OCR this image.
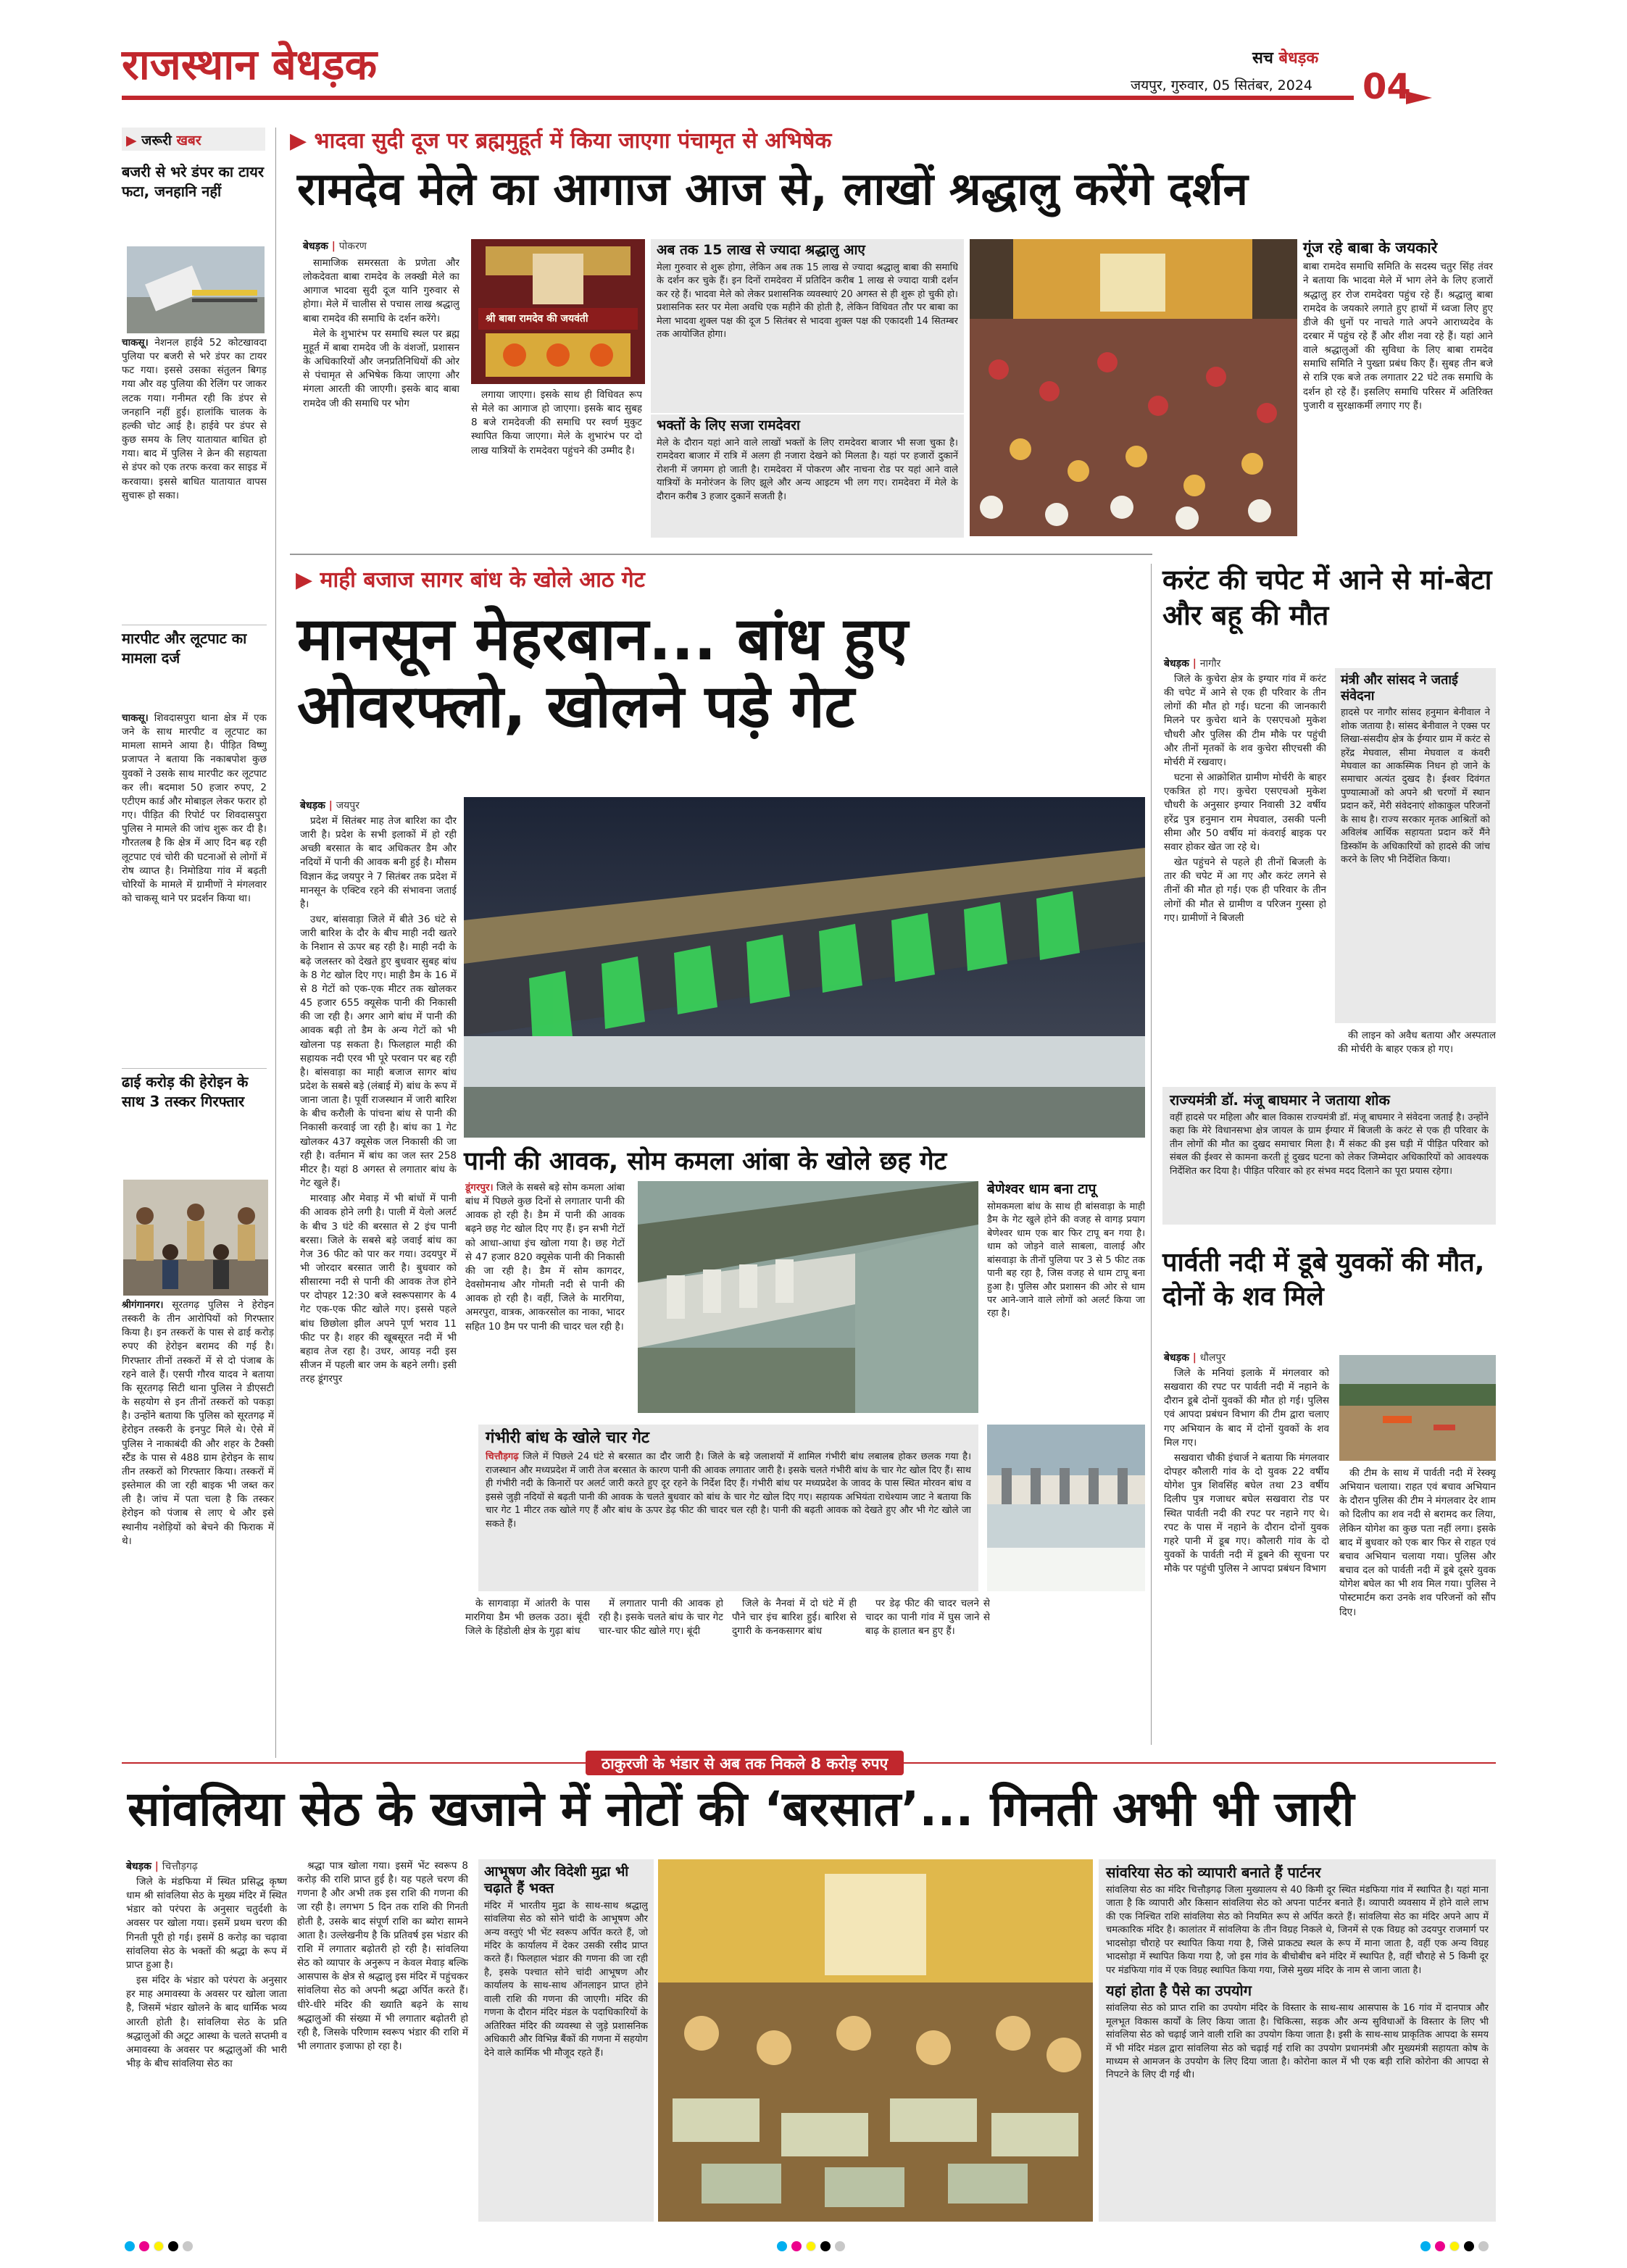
राजस्थान बेधड़क	सच बेधड़क
जयपुर, गुरुवार, 05 सितंबर, 2024 04
▶ जरूरी खबर
बजरी से भरे डंपर का टायर फटा, जनहानि नहीं
चाकसू। नेशनल हाईवे 52 कोटखावदा पुलिया पर बजरी से भरे डंपर का टायर फट गया। इससे उसका संतुलन बिगड़ गया और वह पुलिया की रेलिंग पर जाकर लटक गया। गनीमत रही कि डंपर से जनहानि नहीं हुई। हालांकि चालक के हल्की चोट आई है। हाईवे पर डंपर से कुछ समय के लिए यातायात बाधित हो गया। बाद में पुलिस ने क्रेन की सहायता से डंपर को एक तरफ करवा कर साइड में करवाया। इससे बाधित यातायात वापस सुचारू हो सका।
मारपीट और लूटपाट का मामला दर्ज
चाकसू। शिवदासपुरा थाना क्षेत्र में एक जने के साथ मारपीट व लूटपाट का मामला सामने आया है। पीड़ित विष्णु प्रजापत ने बताया कि नकाबपोश कुछ युवकों ने उसके साथ मारपीट कर लूटपाट कर ली। बदमाश 50 हजार रुपए, 2 एटीएम कार्ड और मोबाइल लेकर फरार हो गए। पीड़ित की रिपोर्ट पर शिवदासपुरा पुलिस ने मामले की जांच शुरू कर दी है। गौरतलब है कि क्षेत्र में आए दिन बढ़ रही लूटपाट एवं चोरी की घटनाओं से लोगों में रोष व्याप्त है। निमोडिया गांव में बढ़ती चोरियों के मामले में ग्रामीणों ने मंगलवार को चाकसू थाने पर प्रदर्शन किया था।
ढाई करोड़ की हेरोइन के साथ 3 तस्कर गिरफ्तार
श्रीगंगानगर। सूरतगढ़ पुलिस ने हेरोइन तस्करी के तीन आरोपियों को गिरफ्तार किया है। इन तस्करों के पास से ढाई करोड़ रुपए की हेरोइन बरामद की गई है। गिरफ्तार तीनों तस्करों में से दो पंजाब के रहने वाले हैं। एसपी गौरव यादव ने बताया कि सूरतगढ़ सिटी थाना पुलिस ने डीएसटी के सहयोग से इन तीनों तस्करों को पकड़ा है। उन्होंने बताया कि पुलिस को सूरतगढ़ में हेरोइन तस्करी के इनपुट मिले थे। ऐसे में पुलिस ने नाकाबंदी की और शहर के टैक्सी स्टैंड के पास से 488 ग्राम हेरोइन के साथ तीन तस्करों को गिरफ्तार किया। तस्करों में इस्तेमाल की जा रही बाइक भी जब्त कर ली है। जांच में पता चला है कि तस्कर हेरोइन को पंजाब से लाए थे और इसे स्थानीय नशेड़ियों को बेचने की फिराक में थे।
▶ भादवा सुदी दूज पर ब्रह्ममुहूर्त में किया जाएगा पंचामृत से अभिषेक
रामदेव मेले का आगाज आज से, लाखों श्रद्धालु करेंगे दर्शन
बेधड़क | पोकरण

सामाजिक समरसता के प्रणेता और लोकदेवता बाबा रामदेव के लक्खी मेले का आगाज भादवा सुदी दूज यानि गुरुवार से होगा। मेले में चालीस से पचास लाख श्रद्धालु बाबा रामदेव की समाधि के दर्शन करेंगे।

मेले के शुभारंभ पर समाधि स्थल पर ब्रह्म मुहूर्त में बाबा रामदेव जी के वंशजों, प्रशासन के अधिकारियों और जनप्रतिनिधियों की ओर से पंचामृत से अभिषेक किया जाएगा और मंगला आरती की जाएगी। इसके बाद बाबा रामदेव जी की समाधि पर भोग

श्री बाबा रामदेव की जयवंती

लगाया जाएगा। इसके साथ ही विधिवत रूप से मेले का आगाज हो जाएगा। इसके बाद सुबह 8 बजे रामदेवजी की समाधि पर स्वर्ण मुकुट स्थापित किया जाएगा। मेले के शुभारंभ पर दो लाख यात्रियों के रामदेवरा पहुंचने की उम्मीद है।

अब तक 15 लाख से ज्यादा श्रद्धालु आए
मेला गुरुवार से शुरू होगा, लेकिन अब तक 15 लाख से ज्यादा श्रद्धालु बाबा की समाधि के दर्शन कर चुके हैं। इन दिनों रामदेवरा में प्रतिदिन करीब 1 लाख से ज्यादा यात्री दर्शन कर रहे हैं। भादवा मेले को लेकर प्रशासनिक व्यवस्थाएं 20 अगस्त से ही शुरू हो चुकी हो। प्रशासनिक स्तर पर मेला अवधि एक महीने की होती है, लेकिन विधिवत तौर पर बाबा का मेला भादवा शुक्ल पक्ष की दूज 5 सितंबर से भादवा शुक्ल पक्ष की एकादशी 14 सितम्बर तक आयोजित होगा।
भक्तों के लिए सजा रामदेवरा
मेले के दौरान यहां आने वाले लाखों भक्तों के लिए रामदेवरा बाजार भी सजा चुका है। रामदेवरा बाजार में रात्रि में अलग ही नजारा देखने को मिलता है। यहां पर हजारों दुकानें रोशनी में जगमग हो जाती है। रामदेवरा में पोकरण और नाचना रोड पर यहां आने वाले यात्रियों के मनोरंजन के लिए झूले और अन्य आइटम भी लग गए। रामदेवरा में मेले के दौरान करीब 3 हजार दुकानें सजती है।
गूंज रहे बाबा के जयकारे
बाबा रामदेव समाधि समिति के सदस्य चतुर सिंह तंवर ने बताया कि भादवा मेले में भाग लेने के लिए हजारों श्रद्धालु हर रोज रामदेवरा पहुंच रहे हैं। श्रद्धालु बाबा रामदेव के जयकारे लगाते हुए हाथों में ध्वजा लिए हुए डीजे की धुनों पर नाचते गाते अपने आराध्यदेव के दरबार में पहुंच रहे हैं और शीश नवा रहे हैं। यहां आने वाले श्रद्धालुओं की सुविधा के लिए बाबा रामदेव समाधि समिति ने पुख्ता प्रबंध किए हैं। सुबह तीन बजे से रात्रि एक बजे तक लगातार 22 घंटे तक समाधि के दर्शन हो रहे हैं। इसलिए समाधि परिसर में अतिरिक्त पुजारी व सुरक्षाकर्मी लगाए गए हैं।
▶ माही बजाज सागर बांध के खोले आठ गेट
मानसून मेहरबान... बांध हुए
ओवरफ्लो, खोलने पड़े गेट
बेधड़क | जयपुर

प्रदेश में सितंबर माह तेज बारिश का दौर जारी है। प्रदेश के सभी इलाकों में हो रही अच्छी बरसात के बाद अधिकतर डैम और नदियों में पानी की आवक बनी हुई है। मौसम विज्ञान केंद्र जयपुर ने 7 सितंबर तक प्रदेश में मानसून के एक्टिव रहने की संभावना जताई है।

उधर, बांसवाड़ा जिले में बीते 36 घंटे से जारी बारिश के दौर के बीच माही नदी खतरे के निशान से ऊपर बह रही है। माही नदी के बढ़े जलस्तर को देखते हुए बुधवार सुबह बांध के 8 गेट खोल दिए गए। माही डैम के 16 में से 8 गेटों को एक-एक मीटर तक खोलकर 45 हजार 655 क्यूसेक पानी की निकासी की जा रही है। अगर आगे बांध में पानी की आवक बढ़ी तो डैम के अन्य गेटों को भी खोलना पड़ सकता है। फिलहाल माही की सहायक नदी एरव भी पूरे परवान पर बह रही है। बांसवाड़ा का माही बजाज सागर बांध प्रदेश के सबसे बड़े (लंबाई में) बांध के रूप में जाना जाता है। पूर्वी राजस्थान में जारी बारिश के बीच करौली के पांचना बांध से पानी की निकासी करवाई जा रही है। बांध का 1 गेट खोलकर 437 क्यूसेक जल निकासी की जा रही है। वर्तमान में बांध का जल स्तर 258 मीटर है। यहां 8 अगस्त से लगातार बांध के गेट खुले हैं।

मारवाड़ और मेवाड़ में भी बांधों में पानी की आवक होने लगी है। पाली में येलो अलर्ट के बीच 3 घंटे की बरसात से 2 इंच पानी बरसा। जिले के सबसे बड़े जवाई बांध का गेज 36 फीट को पार कर गया। उदयपुर में भी जोरदार बरसात जारी है। बुधवार को सीसारमा नदी से पानी की आवक तेज होने पर दोपहर 12:30 बजे स्वरूपसागर के 4 गेट एक-एक फीट खोले गए। इससे पहले बांध छिछोला झील अपने पूर्ण भराव 11 फीट पर है। शहर की खूबसूरत नदी में भी बहाव तेज रहा है। उधर, आयड़ नदी इस सीजन में पहली बार जम के बहने लगी। इसी तरह डूंगरपुर

पानी की आवक, सोम कमला आंबा के खोले छह गेट
डूंगरपुर। जिले के सबसे बड़े सोम कमला आंबा बांध में पिछले कुछ दिनों से लगातार पानी की आवक हो रही है। डैम में पानी की आवक बढ़ने छह गेट खोल दिए गए हैं। इन सभी गेटों को आधा-आधा इंच खोला गया है। छह गेटों से 47 हजार 820 क्यूसेक पानी की निकासी की जा रही है। डैम में सोम कागदर, देवसोमनाथ और गोमती नदी से पानी की आवक हो रही है। वहीं, जिले के मारगिया, अमरपुरा, वात्रक, आकरसोल का नाका, भादर सहित 10 डैम पर पानी की चादर चल रही है।
बेणेश्वर धाम बना टापू
सोमकमला बांध के साथ ही बांसवाड़ा के माही डैम के गेट खुले होने की वजह से वागड़ प्रयाग बेणेश्वर धाम एक बार फिर टापू बन गया है। धाम को जोड़ने वाले साबला, वालाई और बांसवाड़ा के तीनों पुलिया पर 3 से 5 फीट तक पानी बह रहा है, जिस वजह से धाम टापू बना हुआ है। पुलिस और प्रशासन की ओर से धाम पर आने-जाने वाले लोगों को अलर्ट किया जा रहा है।
गंभीरी बांध के खोले चार गेट
चित्तौड़गढ़ जिले में पिछले 24 घंटे से बरसात का दौर जारी है। जिले के बड़े जलाशयों में शामिल गंभीरी बांध लबालब होकर छलक गया है। राजस्थान और मध्यप्रदेश में जारी तेज बरसात के कारण पानी की आवक लगातार जारी है। इसके चलते गंभीरी बांध के चार गेट खोल दिए हैं। साथ ही गंभीरी नदी के किनारों पर अलर्ट जारी करते हुए दूर रहने के निर्देश दिए हैं। गंभीरी बांध पर मध्यप्रदेश के जावद के पास स्थित मोरवन बांध व इससे जुड़ी नदियों से बढ़ती पानी की आवक के चलते बुधवार को बांध के चार गेट खोल दिए गए। सहायक अभियंता राधेश्याम जाट ने बताया कि चार गेट 1 मीटर तक खोले गए हैं और बांध के ऊपर डेढ़ फीट की चादर चल रही है। पानी की बढ़ती आवक को देखते हुए और भी गेट खोले जा सकते हैं।

के सागवाड़ा में आंतरी के पास मारगिया डैम भी छलक उठा। बूंदी जिले के हिंडोली क्षेत्र के गुढ़ा बांध

में लगातार पानी की आवक हो रही है। इसके चलते बांध के चार गेट चार-चार फीट खोले गए। बूंदी

जिले के नैनवां में दो घंटे में ही पौने चार इंच बारिश हुई। बारिश से दुगारी के कनकसागर बांध

पर डेढ़ फीट की चादर चलने से चादर का पानी गांव में घुस जाने से बाढ़ के हालात बन हुए हैं।

करंट की चपेट में आने से मां-बेटा और बहू की मौत
बेधड़क | नागौर

जिले के कुचेरा क्षेत्र के इग्यार गांव में करंट की चपेट में आने से एक ही परिवार के तीन लोगों की मौत हो गई। घटना की जानकारी मिलने पर कुचेरा थाने के एसएचओ मुकेश चौधरी और पुलिस की टीम मौके पर पहुंची और तीनों मृतकों के शव कुचेरा सीएचसी की मोर्चरी में रखवाए।

घटना से आक्रोशित ग्रामीण मोर्चरी के बाहर एकत्रित हो गए। कुचेरा एसएचओ मुकेश चौधरी के अनुसार इग्यार निवासी 32 वर्षीय हरेंद्र पुत्र हनुमान राम मेघवाल, उसकी पत्नी सीमा और 50 वर्षीय मां कंवराई बाइक पर सवार होकर खेत जा रहे थे।

खेत पहुंचने से पहले ही तीनों बिजली के तार की चपेट में आ गए और करंट लगने से तीनों की मौत हो गई। एक ही परिवार के तीन लोगों की मौत से ग्रामीण व परिजन गुस्सा हो गए। ग्रामीणों ने बिजली

मंत्री और सांसद ने जताई संवेदना
हादसे पर नागौर सांसद हनुमान बेनीवाल ने शोक जताया है। सांसद बेनीवाल ने एक्स पर लिखा-संसदीय क्षेत्र के ईग्यार ग्राम में करंट से हरेंद्र मेघवाल, सीमा मेघवाल व कंवरी मेघवाल का आकस्मिक निधन हो जाने के समाचार अत्यंत दुखद है। ईश्वर दिवंगत पुण्यात्माओं को अपने श्री चरणों में स्थान प्रदान करें, मेरी संवेदनाएं शोकाकुल परिजनों के साथ है। राज्य सरकार मृतक आश्रितों को अविलंब आर्थिक सहायता प्रदान करें मैंने डिस्कॉम के अधिकारियों को हादसे की जांच करने के लिए भी निर्देशित किया।

की लाइन को अवैध बताया और अस्पताल की मोर्चरी के बाहर एकत्र हो गए।

राज्यमंत्री डॉ. मंजू बाघमार ने जताया शोक
वहीं हादसे पर महिला और बाल विकास राज्यमंत्री डॉ. मंजू बाघमार ने संवेदना जताई है। उन्होंने कहा कि मेरे विधानसभा क्षेत्र जायल के ग्राम ईग्यार में बिजली के करंट से एक ही परिवार के तीन लोगों की मौत का दुखद समाचार मिला है। मैं संकट की इस घड़ी में पीड़ित परिवार को संबल की ईश्वर से कामना करती हूं दुखद घटना को लेकर जिम्मेदार अधिकारियों को आवश्यक निर्देशित कर दिया है। पीड़ित परिवार को हर संभव मदद दिलाने का पूरा प्रयास रहेगा।
पार्वती नदी में डूबे युवकों की मौत, दोनों के शव मिले
बेधड़क | धौलपुर

जिले के मनियां इलाके में मंगलवार को सखवारा की रपट पर पार्वती नदी में नहाने के दौरान डूबे दोनों युवकों की मौत हो गई। पुलिस एवं आपदा प्रबंधन विभाग की टीम द्वारा चलाए गए अभियान के बाद में दोनों युवकों के शव मिल गए।

सखवारा चौकी इंचार्ज ने बताया कि मंगलवार दोपहर कौलारी गांव के दो युवक 22 वर्षीय योगेश पुत्र शिवसिंह बघेल तथा 23 वर्षीय दिलीप पुत्र गजाधर बघेल सखवारा रोड पर स्थित पार्वती नदी की रपट पर नहाने गए थे। रपट के पास में नहाने के दौरान दोनों युवक गहरे पानी में डूब गए। कौलारी गांव के दो युवकों के पार्वती नदी में डूबने की सूचना पर मौके पर पहुंची पुलिस ने आपदा प्रबंधन विभाग

की टीम के साथ में पार्वती नदी में रेस्क्यू अभियान चलाया। राहत एवं बचाव अभियान के दौरान पुलिस की टीम ने मंगलवार देर शाम को दिलीप का शव नदी से बरामद कर लिया, लेकिन योगेश का कुछ पता नहीं लगा। इसके बाद में बुधवार को एक बार फिर से राहत एवं बचाव अभियान चलाया गया। पुलिस और बचाव दल को पार्वती नदी में डूबे दूसरे युवक योगेश बघेल का भी शव मिल गया। पुलिस ने पोस्टमार्टम करा उनके शव परिजनों को सौंप दिए।

ठाकुरजी के भंडार से अब तक निकले 8 करोड़ रुपए
सांवलिया सेठ के खजाने में नोटों की ‘बरसात’... गिनती अभी भी जारी
बेधड़क | चित्तौड़गढ़

जिले के मंडफिया में स्थित प्रसिद्ध कृष्ण धाम श्री सांवलिया सेठ के मुख्य मंदिर में स्थित भंडार को परंपरा के अनुसार चतुर्दशी के अवसर पर खोला गया। इसमें प्रथम चरण की गिनती पूरी हो गई। इसमें 8 करोड़ का चढ़ावा सांवलिया सेठ के भक्तों की श्रद्धा के रूप में प्राप्त हुआ है।

इस मंदिर के भंडार को परंपरा के अनुसार हर माह अमावस्या के अवसर पर खोला जाता है, जिसमें भंडार खोलने के बाद धार्मिक भव्य आरती होती है। सांवलिया सेठ के प्रति श्रद्धालुओं की अटूट आस्था के चलते सप्तमी व अमावस्या के अवसर पर श्रद्धालुओं की भारी भीड़ के बीच सांवलिया सेठ का

श्रद्धा पात्र खोला गया। इसमें भेंट स्वरूप 8 करोड़ की राशि प्राप्त हुई है। यह पहले चरण की गणना है और अभी तक इस राशि की गणना की जा रही है। लगभग 5 दिन तक राशि की गिनती होती है, उसके बाद संपूर्ण राशि का ब्योरा सामने आता है। उल्लेखनीय है कि प्रतिवर्ष इस भंडार की राशि में लगातार बढ़ोतरी हो रही है। सांवलिया सेठ को व्यापार के अनुरूप न केवल मेवाड़ बल्कि आसपास के क्षेत्र से श्रद्धालु इस मंदिर में पहुंचकर सांवलिया सेठ को अपनी श्रद्धा अर्पित करते हैं। धीरे-धीरे मंदिर की ख्याति बढ़ने के साथ श्रद्धालुओं की संख्या में भी लगातार बढ़ोतरी हो रही है, जिसके परिणाम स्वरूप भंडार की राशि में भी लगातार इजाफा हो रहा है।

आभूषण और विदेशी मुद्रा भी चढ़ाते हैं भक्त
मंदिर में भारतीय मुद्रा के साथ-साथ श्रद्धालु सांवलिया सेठ को सोने चांदी के आभूषण और अन्य वस्तुएं भी भेंट स्वरूप अर्पित करते हैं, जो मंदिर के कार्यालय में देकर उसकी रसीद प्राप्त करते हैं। फिलहाल भंडार की गणना की जा रही है, इसके पश्चात सोने चांदी आभूषण और कार्यालय के साथ-साथ ऑनलाइन प्राप्त होने वाली राशि की गणना की जाएगी। मंदिर की गणना के दौरान मंदिर मंडल के पदाधिकारियों के अतिरिक्त मंदिर की व्यवस्था से जुड़े प्रशासनिक अधिकारी और विभिन्न बैंकों की गणना में सहयोग देने वाले कार्मिक भी मौजूद रहते हैं।
सांवरिया सेठ को व्यापारी बनाते हैं पार्टनर
सांवलिया सेठ का मंदिर चित्तौड़गढ़ जिला मुख्यालय से 40 किमी दूर स्थित मंडफिया गांव में स्थापित है। यहां माना जाता है कि व्यापारी और किसान सांवलिया सेठ को अपना पार्टनर बनाते हैं। व्यापारी व्यवसाय में होने वाले लाभ की एक निश्चित राशि सांवलिया सेठ को नियमित रूप से अर्पित करते हैं। सांवलिया सेठ का मंदिर अपने आप में चमत्कारिक मंदिर है। कालांतर में सांवलिया के तीन विग्रह निकले थे, जिनमें से एक विग्रह को उदयपुर राजमार्ग पर भादसोड़ा चौराहे पर स्थापित किया गया है, जिसे प्राकट्य स्थल के रूप में माना जाता है, वहीं एक अन्य विग्रह भादसोड़ा में स्थापित किया गया है, जो इस गांव के बीचोबीच बने मंदिर में स्थापित है, वहीं चौराहे से 5 किमी दूर पर मंडफिया गांव में एक विग्रह स्थापित किया गया, जिसे मुख्य मंदिर के नाम से जाना जाता है।
यहां होता है पैसे का उपयोग
सांवलिया सेठ को प्राप्त राशि का उपयोग मंदिर के विस्तार के साथ-साथ आसपास के 16 गांव में दानपात्र और मूलभूत विकास कार्यों के लिए किया जाता है। चिकित्सा, सड़क और अन्य सुविधाओं के विस्तार के लिए भी सांवलिया सेठ को चढ़ाई जाने वाली राशि का उपयोग किया जाता है। इसी के साथ-साथ प्राकृतिक आपदा के समय में भी मंदिर मंडल द्वारा सांवलिया सेठ को चढ़ाई गई राशि का उपयोग प्रधानमंत्री और मुख्यमंत्री सहायता कोष के माध्यम से आमजन के उपयोग के लिए दिया जाता है। कोरोना काल में भी एक बड़ी राशि कोरोना की आपदा से निपटने के लिए दी गई थी।
